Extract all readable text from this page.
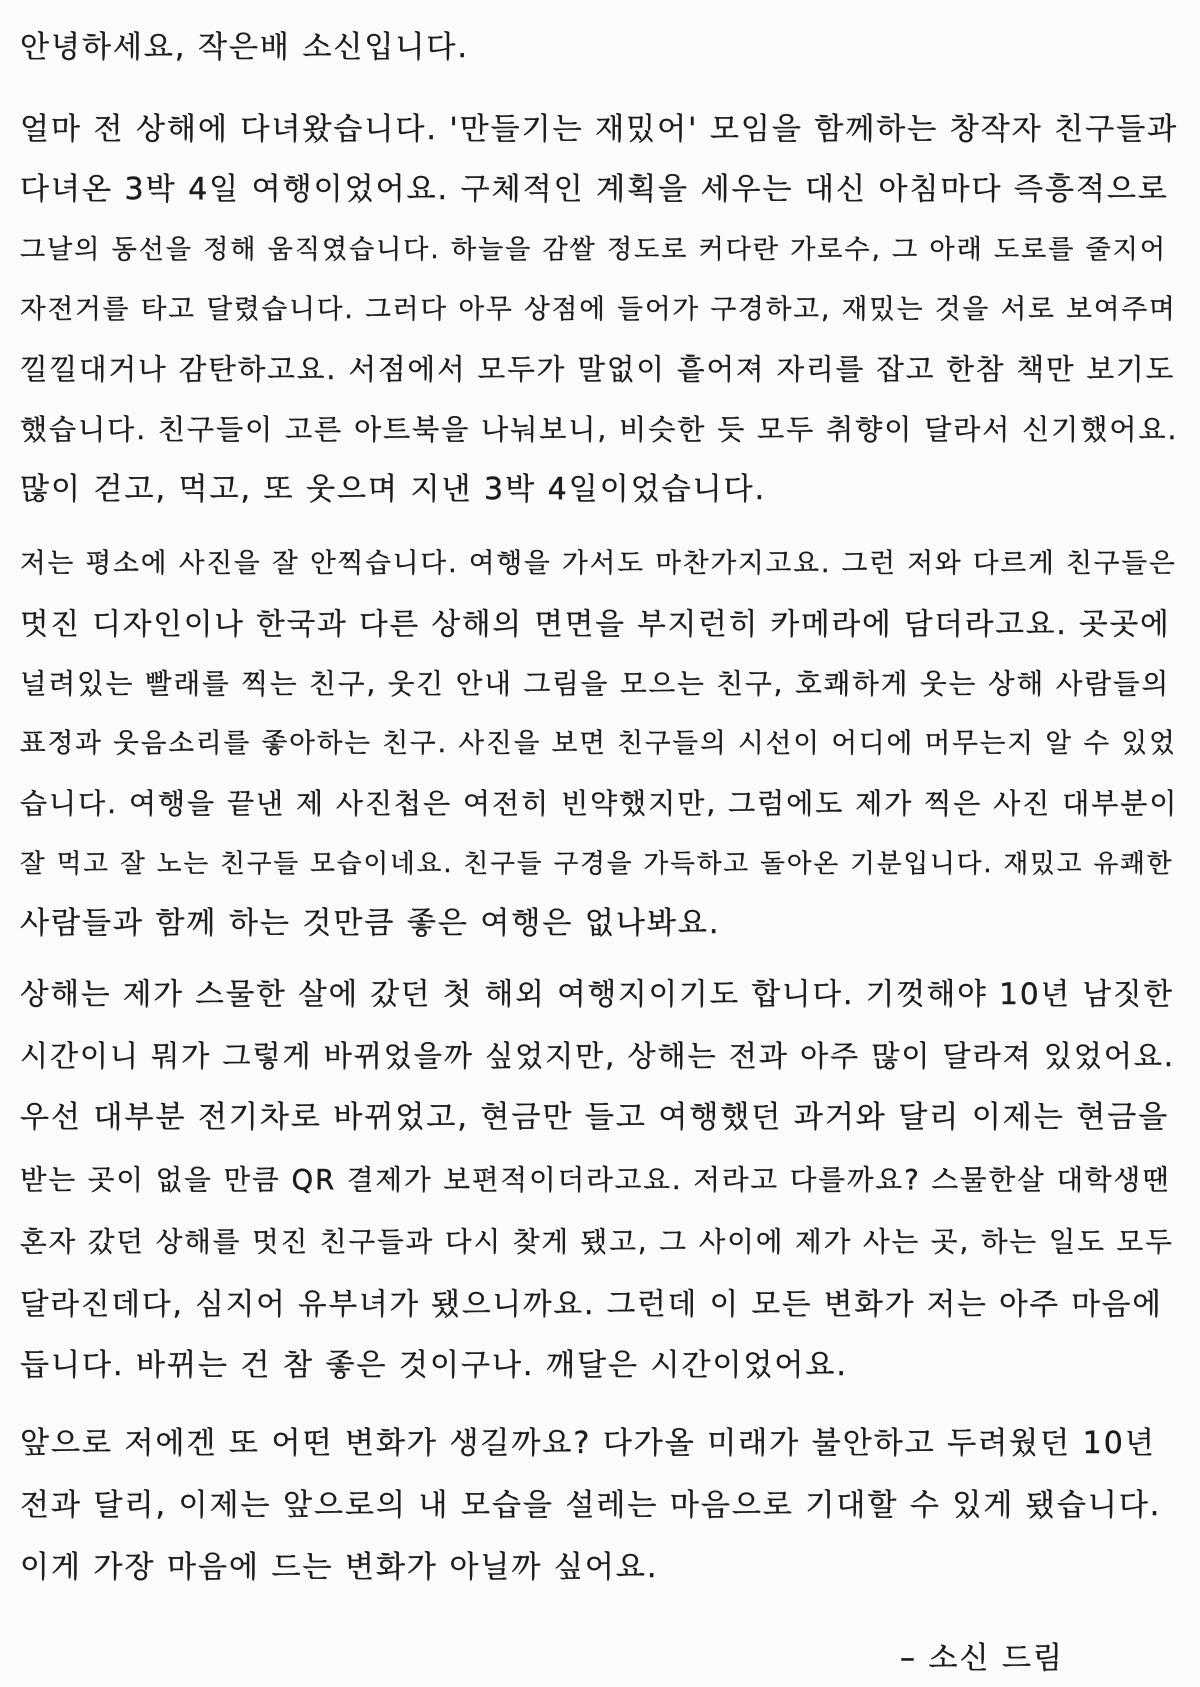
안녕하세요, 작은배 소신입니다.
얼마 전 상해에 다녀왔습니다. '만들기는 재밌어' 모임을 함께하는 창작자 친구들과
다녀온 3박 4일 여행이었어요. 구체적인 계획을 세우는 대신 아침마다 즉흥적으로
그날의 동선을 정해 움직였습니다. 하늘을 감쌀 정도로 커다란 가로수, 그 아래 도로를 줄지어
자전거를 타고 달렸습니다. 그러다 아무 상점에 들어가 구경하고, 재밌는 것을 서로 보여주며
낄낄대거나 감탄하고요. 서점에서 모두가 말없이 흩어져 자리를 잡고 한참 책만 보기도
했습니다. 친구들이 고른 아트북을 나눠보니, 비슷한 듯 모두 취향이 달라서 신기했어요.
많이 걷고, 먹고, 또 웃으며 지낸 3박 4일이었습니다.
저는 평소에 사진을 잘 안찍습니다. 여행을 가서도 마찬가지고요. 그런 저와 다르게 친구들은
멋진 디자인이나 한국과 다른 상해의 면면을 부지런히 카메라에 담더라고요. 곳곳에
널려있는 빨래를 찍는 친구, 웃긴 안내 그림을 모으는 친구, 호쾌하게 웃는 상해 사람들의
표정과 웃음소리를 좋아하는 친구. 사진을 보면 친구들의 시선이 어디에 머무는지 알 수 있었
습니다. 여행을 끝낸 제 사진첩은 여전히 빈약했지만, 그럼에도 제가 찍은 사진 대부분이
잘 먹고 잘 노는 친구들 모습이네요. 친구들 구경을 가득하고 돌아온 기분입니다. 재밌고 유쾌한
사람들과 함께 하는 것만큼 좋은 여행은 없나봐요.
상해는 제가 스물한 살에 갔던 첫 해외 여행지이기도 합니다. 기껏해야 10년 남짓한
시간이니 뭐가 그렇게 바뀌었을까 싶었지만, 상해는 전과 아주 많이 달라져 있었어요.
우선 대부분 전기차로 바뀌었고, 현금만 들고 여행했던 과거와 달리 이제는 현금을
받는 곳이 없을 만큼 QR 결제가 보편적이더라고요. 저라고 다를까요? 스물한살 대학생땐
혼자 갔던 상해를 멋진 친구들과 다시 찾게 됐고, 그 사이에 제가 사는 곳, 하는 일도 모두
달라진데다, 심지어 유부녀가 됐으니까요. 그런데 이 모든 변화가 저는 아주 마음에
듭니다. 바뀌는 건 참 좋은 것이구나. 깨달은 시간이었어요.
앞으로 저에겐 또 어떤 변화가 생길까요? 다가올 미래가 불안하고 두려웠던 10년
전과 달리, 이제는 앞으로의 내 모습을 설레는 마음으로 기대할 수 있게 됐습니다.
이게 가장 마음에 드는 변화가 아닐까 싶어요.
– 소신 드림
